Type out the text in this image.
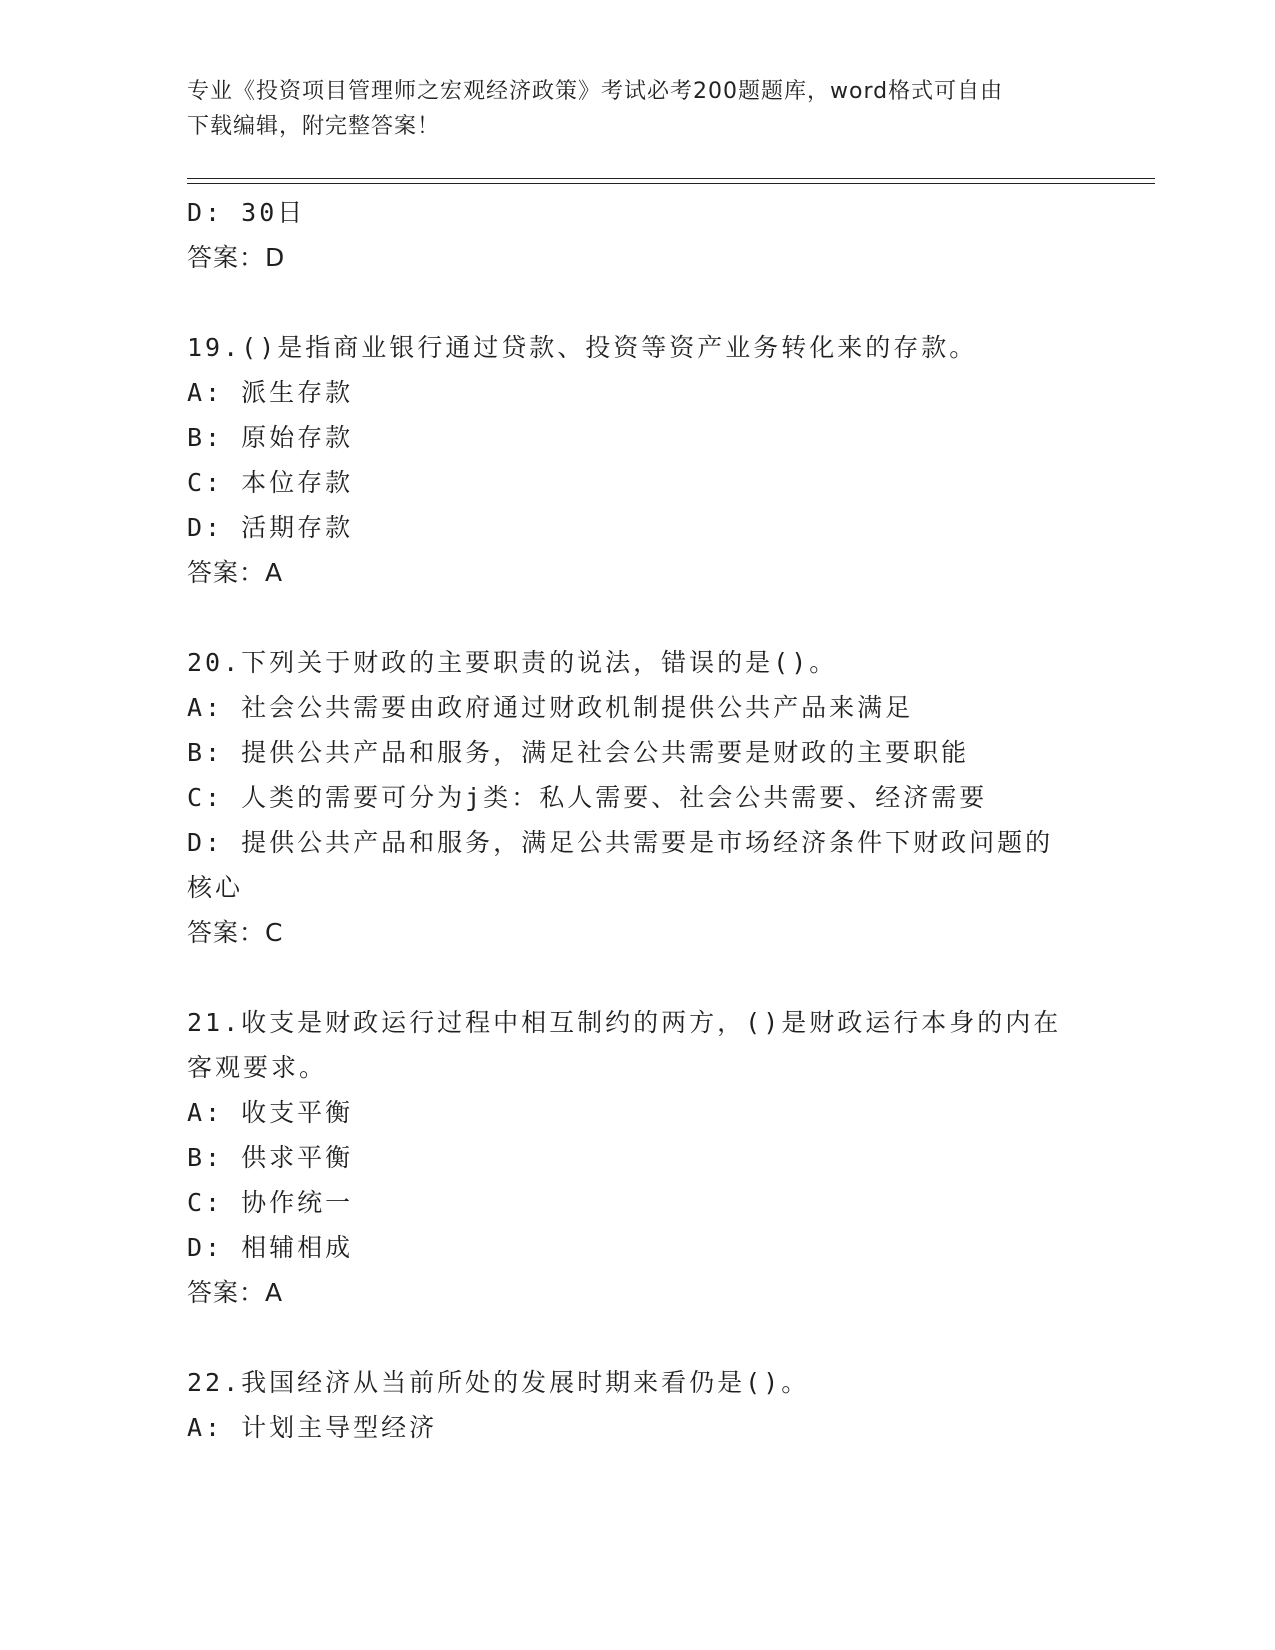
专业《投资项目管理师之宏观经济政策》考试必考200题题库，word格式可自由
下载编辑，附完整答案！
D: 30日
答案：D
19.()是指商业银行通过贷款、投资等资产业务转化来的存款。
A: 派生存款
B: 原始存款
C: 本位存款
D: 活期存款
答案：A
20.下列关于财政的主要职责的说法，错误的是()。
A: 社会公共需要由政府通过财政机制提供公共产品来满足
B: 提供公共产品和服务，满足社会公共需要是财政的主要职能
C: 人类的需要可分为j类：私人需要、社会公共需要、经济需要
D: 提供公共产品和服务，满足公共需要是市场经济条件下财政问题的
核心
答案：C
21.收支是财政运行过程中相互制约的两方，()是财政运行本身的内在
客观要求。
A: 收支平衡
B: 供求平衡
C: 协作统一
D: 相辅相成
答案：A
22.我国经济从当前所处的发展时期来看仍是()。
A: 计划主导型经济
